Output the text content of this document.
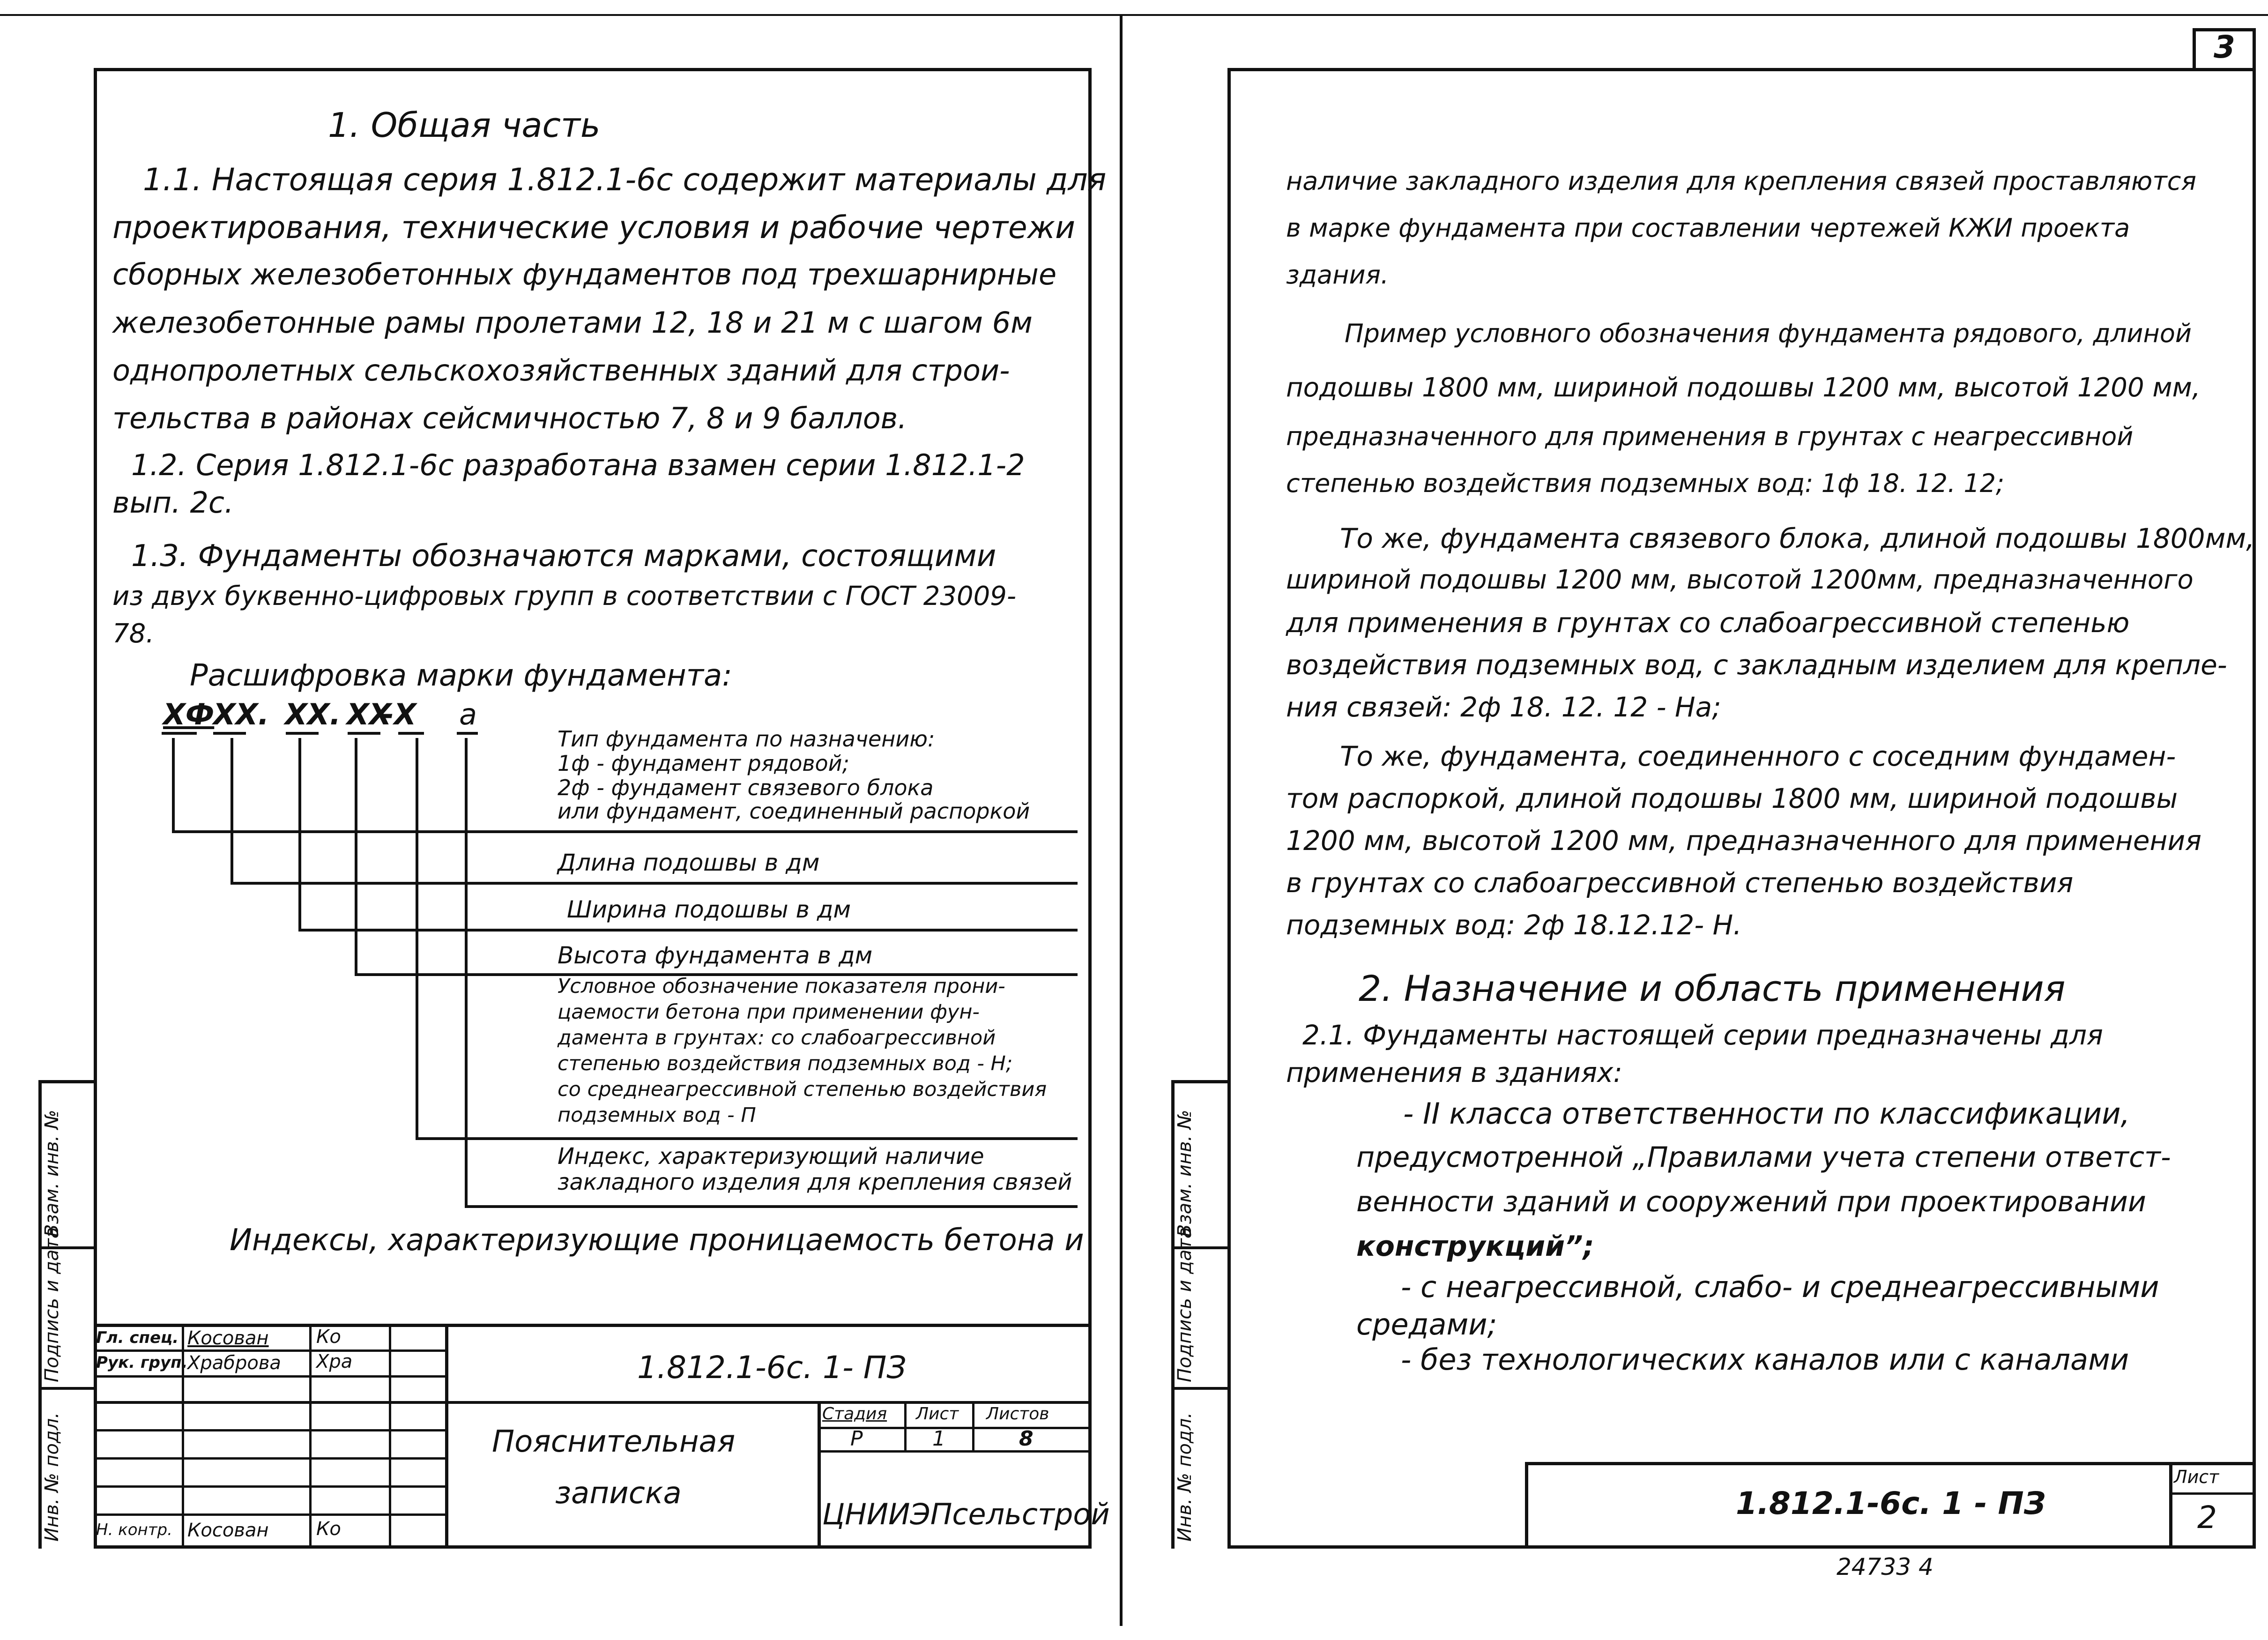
Взам. инв. №
Подпись и дата
Инв. № подл.
1. Общая часть
1.1. Настоящая серия 1.812.1-6с содержит материалы для
проектирования, технические условия и рабочие чертежи
сборных железобетонных фундаментов под трехшарнирные
железобетонные рамы пролетами 12, 18 и 21 м с шагом 6м
однопролетных сельскохозяйственных зданий для строи-
тельства в районах сейсмичностью 7, 8 и 9 баллов.
1.2. Серия 1.812.1-6с разработана взамен серии 1.812.1-2
вып. 2с.
1.3. Фундаменты обозначаются марками, состоящими
из двух буквенно-цифровых групп в соответствии с ГОСТ 23009-
78.
Расшифровка марки фундамента:
ХФ
ХХ. ХХ. ХХ
-Х а
Тип фундамента по назначению:
1ф - фундамент рядовой;
2ф - фундамент связевого блока
или фундамент, соединенный распоркой
Длина подошвы в дм
Ширина подошвы в дм
Высота фундамента в дм
Условное обозначение показателя прони-
цаемости бетона при применении фун-
дамента в грунтах: со слабоагрессивной
степенью воздействия подземных вод - Н;
со среднеагрессивной степенью воздействия
подземных вод - П
Индекс, характеризующий наличие
закладного изделия для крепления связей
Индексы, характеризующие проницаемость бетона и
Гл. спец. Косован	Ко
Рук. груп. Храброва Хра
Н. контр. Косован	Ко
1.812.1-6с. 1- ПЗ
Пояснительная
записка
Стадия Лист Листов
Р	1	8
ЦНИИЭПсельстрой
3
Взам. инв. №
Подпись и дата
Инв. № подл.
наличие закладного изделия для крепления связей проставляются
в марке фундамента при составлении чертежей КЖИ проекта
здания.
Пример условного обозначения фундамента рядового, длиной
подошвы 1800 мм, шириной подошвы 1200 мм, высотой 1200 мм,
предназначенного для применения в грунтах с неагрессивной
степенью воздействия подземных вод: 1ф 18. 12. 12;
То же, фундамента связевого блока, длиной подошвы 1800мм,
шириной подошвы 1200 мм, высотой 1200мм, предназначенного
для применения в грунтах со слабоагрессивной степенью
воздействия подземных вод, с закладным изделием для крепле-
ния связей: 2ф 18. 12. 12 - На;
То же, фундамента, соединенного с соседним фундамен-
том распоркой, длиной подошвы 1800 мм, шириной подошвы
1200 мм, высотой 1200 мм, предназначенного для применения
в грунтах со слабоагрессивной степенью воздействия
подземных вод: 2ф 18.12.12- Н.
2. Назначение и область применения
2.1. Фундаменты настоящей серии предназначены для
применения в зданиях:
- II класса ответственности по классификации,
предусмотренной „Правилами учета степени ответст-
венности зданий и сооружений при проектировании
конструкций”;
- с неагрессивной, слабо- и среднеагрессивными
средами;
- без технологических каналов или с каналами
1.812.1-6с. 1 - ПЗ
Лист
2
24733 4
